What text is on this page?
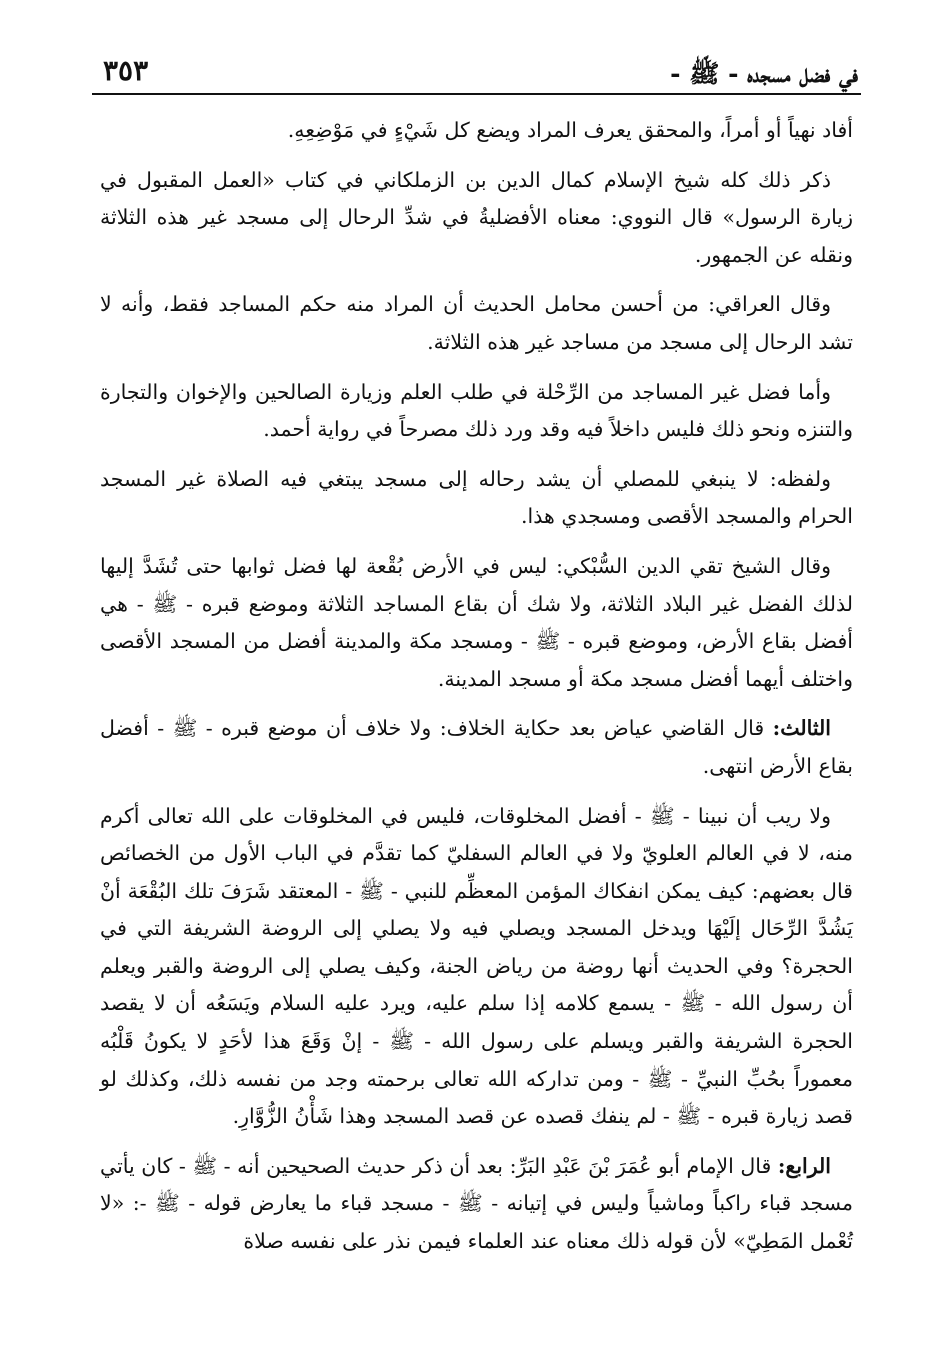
في فضل مسجده - ﷺ -
٣٥٣

أفاد نهياً أو أمراً، والمحقق يعرف المراد ويضع كل شَيْءٍ في مَوْضِعِهِ.

ذكر ذلك كله شيخ الإسلام كمال الدين بن الزملكاني في كتاب «العمل المقبول في زيارة الرسول» قال النووي: معناه الأفضليةُ في شدِّ الرحال إلى مسجد غير هذه الثلاثة ونقله عن الجمهور.

وقال العراقي: من أحسن محامل الحديث أن المراد منه حكم المساجد فقط، وأنه لا تشد الرحال إلى مسجد من مساجد غير هذه الثلاثة.

وأما فضل غير المساجد من الرِّحْلة في طلب العلم وزيارة الصالحين والإخوان والتجارة والتنزه ونحو ذلك فليس داخلاً فيه وقد ورد ذلك مصرحاً في رواية أحمد.

ولفظه: لا ينبغي للمصلي أن يشد رحاله إلى مسجد يبتغي فيه الصلاة غير المسجد الحرام والمسجد الأقصى ومسجدي هذا.

وقال الشيخ تقي الدين السُّبْكي: ليس في الأرض بُقْعة لها فضل ثوابها حتى تُشَدَّ إليها لذلك الفضل غير البلاد الثلاثة، ولا شك أن بقاع المساجد الثلاثة وموضع قبره - ﷺ - هي أفضل بقاع الأرض، وموضع قبره - ﷺ - ومسجد مكة والمدينة أفضل من المسجد الأقصى واختلف أيهما أفضل مسجد مكة أو مسجد المدينة.

الثالث: قال القاضي عياض بعد حكاية الخلاف: ولا خلاف أن موضع قبره - ﷺ - أفضل بقاع الأرض انتهى.

ولا ريب أن نبينا - ﷺ - أفضل المخلوقات، فليس في المخلوقات على الله تعالى أكرم منه، لا في العالم العلويّ ولا في العالم السفليّ كما تقدَّم في الباب الأول من الخصائص قال بعضهم: كيف يمكن انفكاك المؤمن المعظِّم للنبي - ﷺ - المعتقد شَرَفَ تلك البُقْعَة أنْ يَشُدَّ الرِّحَال إلَيْهَا ويدخل المسجد ويصلي فيه ولا يصلي إلى الروضة الشريفة التي في الحجرة؟ وفي الحديث أنها روضة من رياض الجنة، وكيف يصلي إلى الروضة والقبر ويعلم أن رسول الله - ﷺ - يسمع كلامه إذا سلم عليه، ويرد عليه السلام ويَسَعُه أن لا يقصد الحجرة الشريفة والقبر ويسلم على رسول الله - ﷺ - إنْ وَقَعَ هذا لأحَدٍ لا يكونُ قَلْبُه معموراً بحُبِّ النبيِّ - ﷺ - ومن تداركه الله تعالى برحمته وجد من نفسه ذلك، وكذلك لو قصد زيارة قبره - ﷺ - لم ينفك قصده عن قصد المسجد وهذا شَأْنُ الزُّوَّارِ.

الرابع: قال الإمام أبو عُمَرَ بْنَ عَبْدِ البَرِّ: بعد أن ذكر حديث الصحيحين أنه - ﷺ - كان يأتي مسجد قباء راكباً وماشياً وليس في إتيانه - ﷺ - مسجد قباء ما يعارض قوله - ﷺ -: «لا تُعْمل المَطِيّ» لأن قوله ذلك معناه عند العلماء فيمن نذر على نفسه صلاة
